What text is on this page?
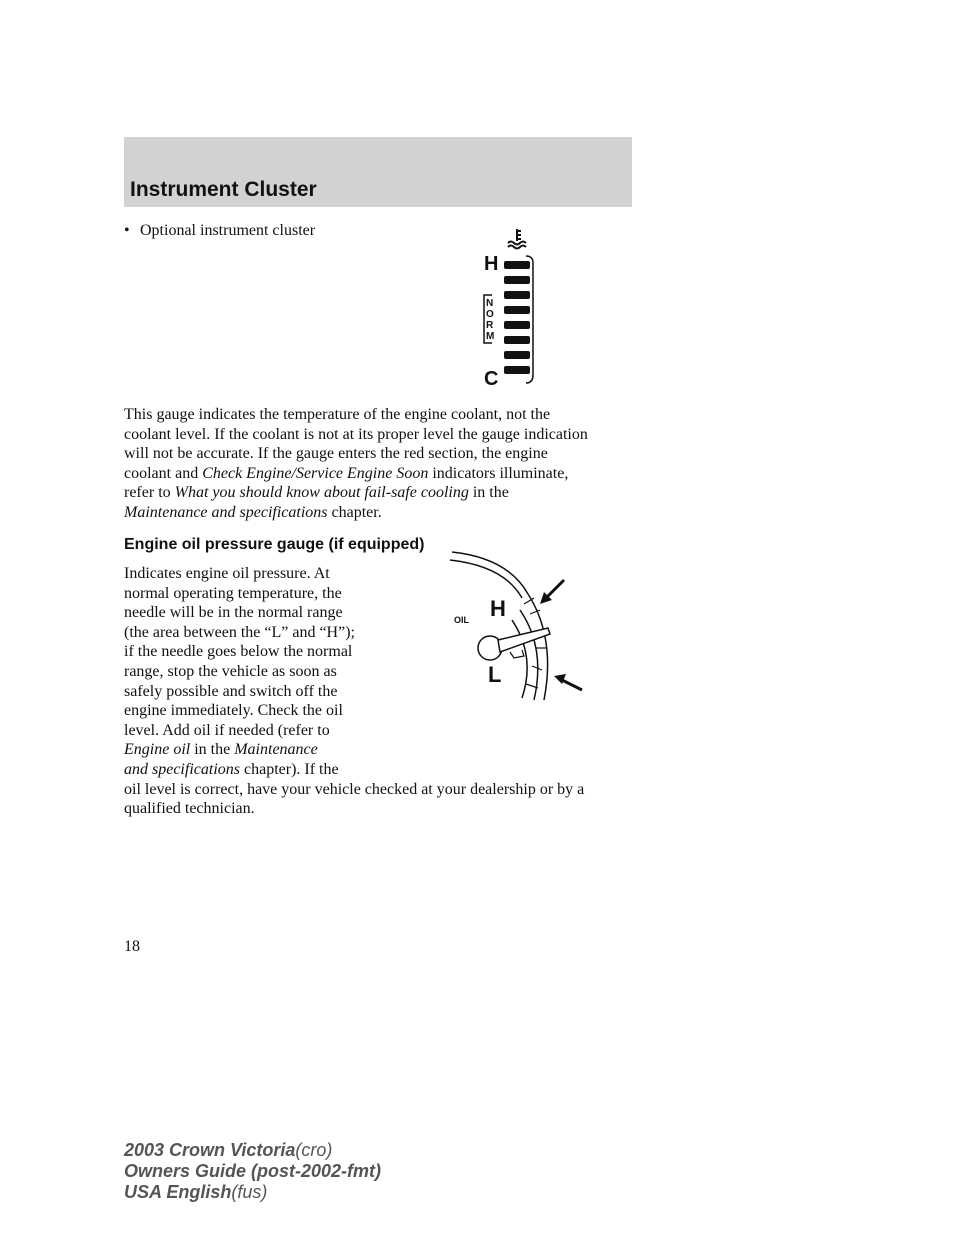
Instrument Cluster
• Optional instrument cluster
H
C
N
O
R
M
This gauge indicates the temperature of the engine coolant, not the
coolant level. If the coolant is not at its proper level the gauge indication
will not be accurate. If the gauge enters the red section, the engine
coolant and Check Engine/Service Engine Soon indicators illuminate,
refer to What you should know about fail-safe cooling in the
Maintenance and specifications chapter.
Engine oil pressure gauge (if equipped)
Indicates engine oil pressure. At
normal operating temperature, the
needle will be in the normal range
(the area between the “L” and “H”);
if the needle goes below the normal
range, stop the vehicle as soon as
safely possible and switch off the
engine immediately. Check the oil
level. Add oil if needed (refer to
Engine oil in the Maintenance
and specifications chapter). If the
oil level is correct, have your vehicle checked at your dealership or by a
qualified technician.
H
OIL
L
18
2003 Crown Victoria(cro)
Owners Guide (post-2002-fmt)
USA English(fus)
